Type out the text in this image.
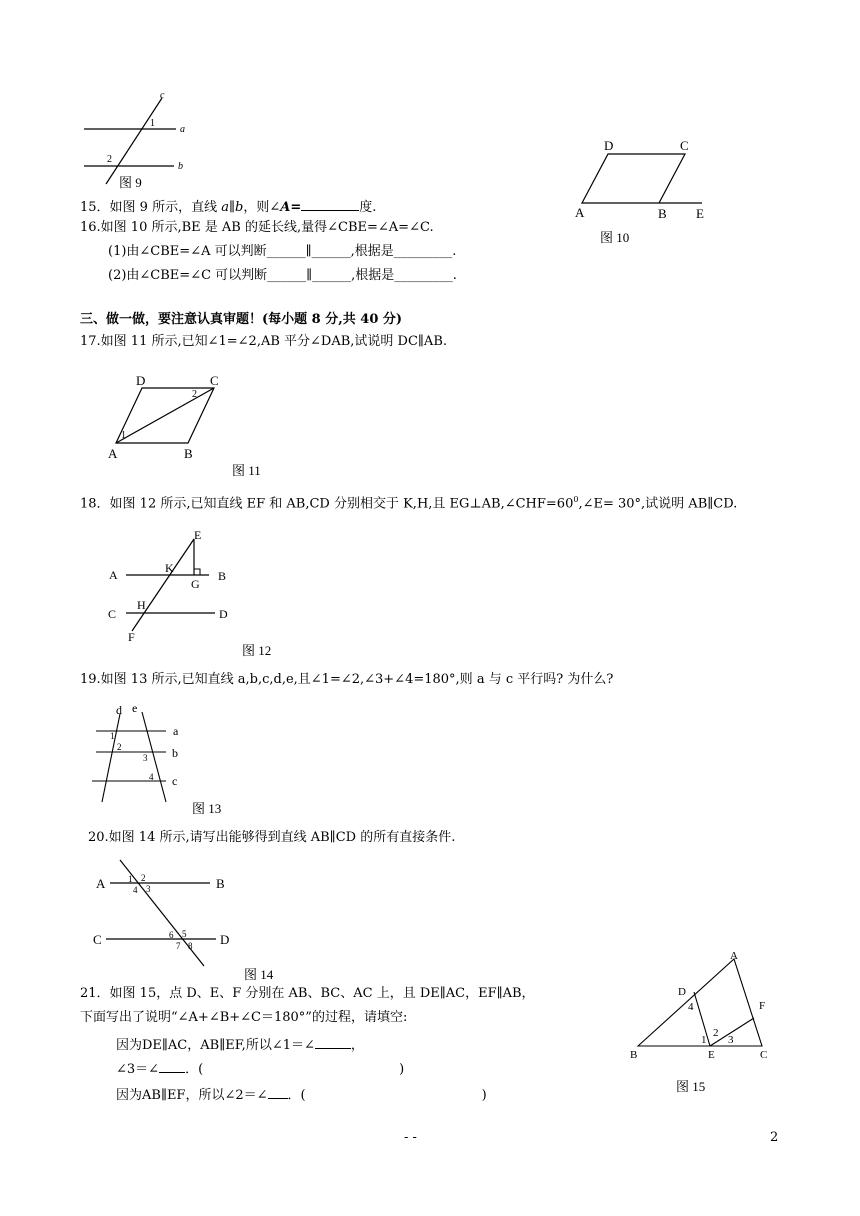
c
a
b
1
2
图 9
D	C
A	B E
图 10
15．如图 9 所示，直线 a∥b，则∠A=	度.
16.如图 10 所示,BE 是 AB 的延长线,量得∠CBE=∠A=∠C.
(1)由∠CBE=∠A 可以判断______∥______,根据是_________.
(2)由∠CBE=∠C 可以判断______∥______,根据是_________.
三、做一做，要注意认真审题！(每小题 8 分,共 40 分)
17.如图 11 所示,已知∠1=∠2,AB 平分∠DAB,试说明 DC∥AB.
D	C
A	B
1
2
图 11
18．如图 12 所示,已知直线 EF 和 AB,CD 分别相交于 K,H,且 $EG\perp AB,\angle CHF=60^0,\angle E= 30^\circ$,试说明 AB∥CD.
E
A	K
B
G
C
H
D
F
图 12
19.如图 13 所示,已知直线 a,b,c,d,e,且∠1=∠2,∠3+∠4=180°,则 a 与 c 平行吗? 为什么?
d e
a
b
c
1
2
3
4
图 13
20.如图 14 所示,请写出能够得到直线 AB∥CD 的所有直接条件.
A	B
C	D
1 2
3
4
5
6
7 8
图 14
A
D
F
B	E	C
1
2
3
4
图 15
21．如图 15，点 D、E、F 分别在 AB、BC、AC 上，且 DE∥AC，EF∥AB，
下面写出了说明“∠A+∠B+∠C＝180°”的过程，请填空:
因为DE∥AC，AB∥EF,所以∠1＝∠	，
∠3＝∠ ．(	)
因为AB∥EF，所以∠2＝∠ ．(	)
- -	2
